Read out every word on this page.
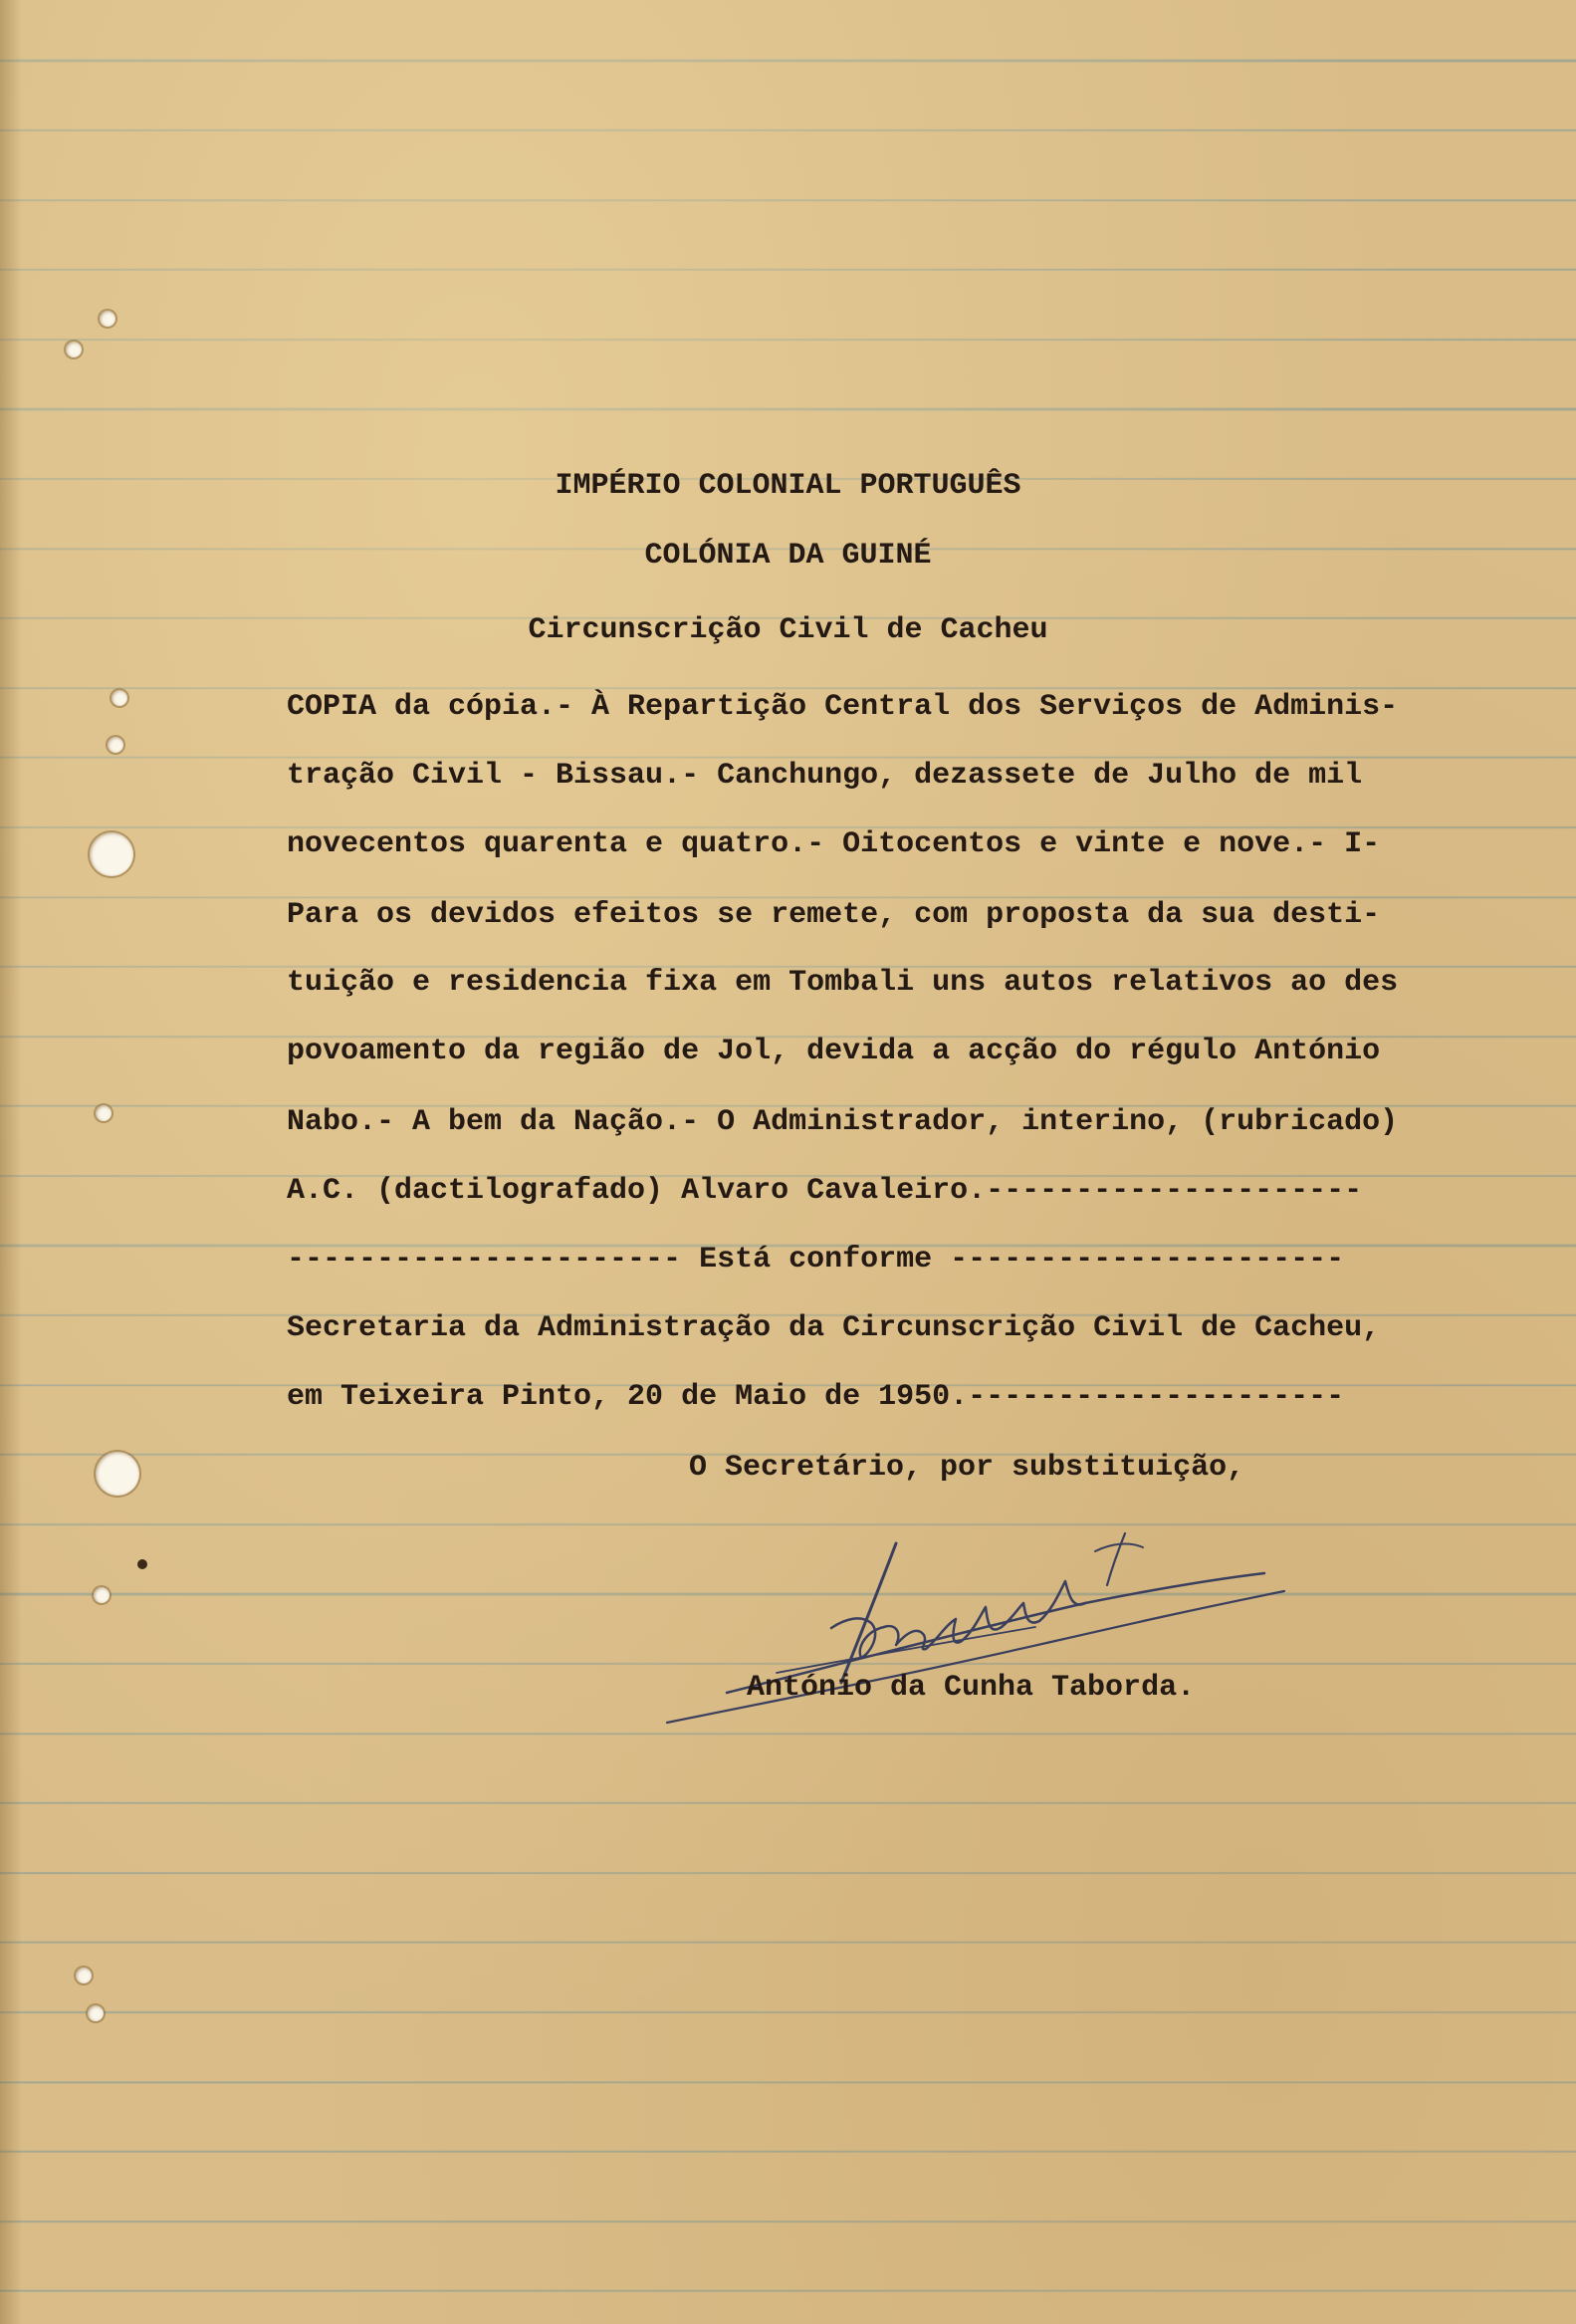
IMPÉRIO COLONIAL PORTUGUÊS

COLÓNIA DA GUINÉ

Circunscrição Civil de Cacheu

COPIA da cópia.- À Repartição Central dos Serviços de Adminis-

tração Civil - Bissau.- Canchungo, dezassete de Julho de mil

novecentos quarenta e quatro.- Oitocentos e vinte e nove.- I-

Para os devidos efeitos se remete, com proposta da sua desti-

tuição e residencia fixa em Tombali uns autos relativos ao des

povoamento da região de Jol, devida a acção do régulo António

Nabo.- A bem da Nação.- O Administrador, interino, (rubricado)

A.C. (dactilografado) Alvaro Cavaleiro.---------------------

---------------------- Está conforme ----------------------

Secretaria da Administração da Circunscrição Civil de Cacheu,

em Teixeira Pinto, 20 de Maio de 1950.---------------------

O Secretário, por substituição,

António da Cunha Taborda.
